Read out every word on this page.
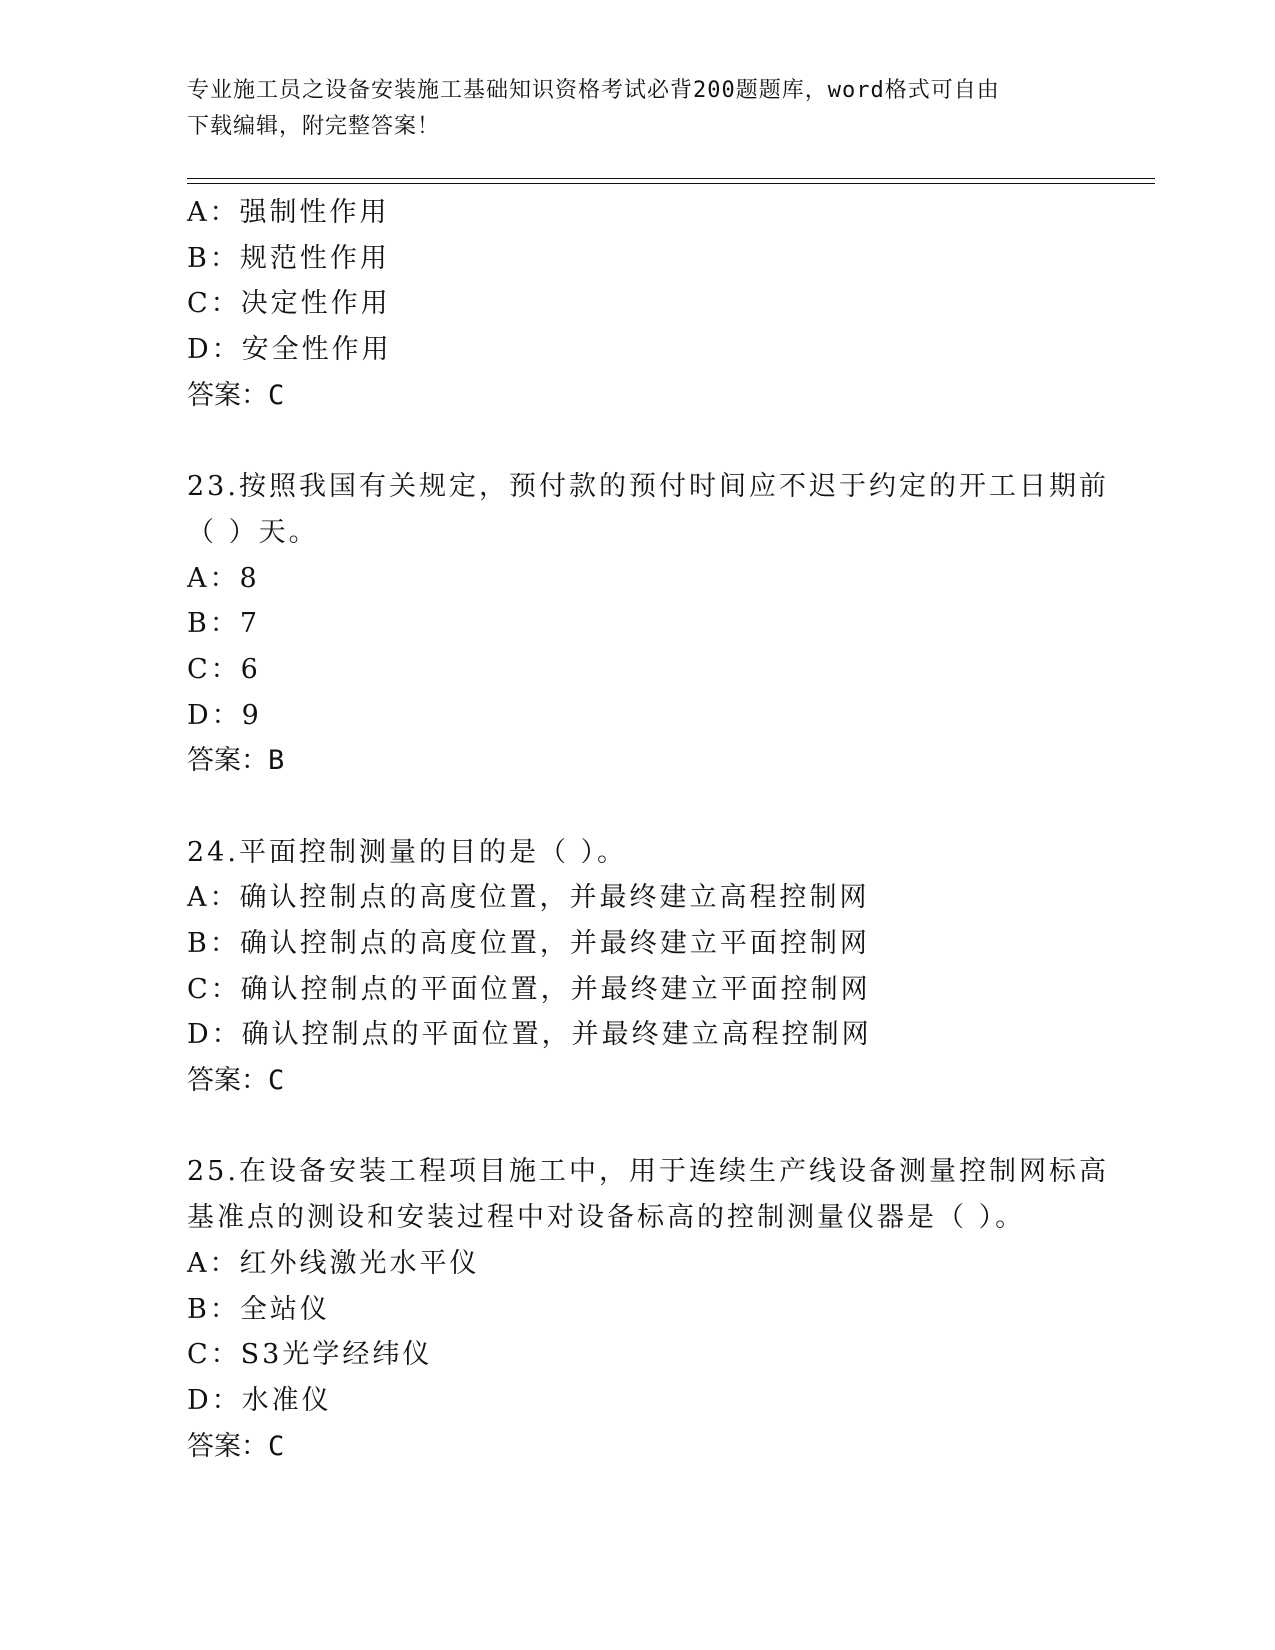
专业施工员之设备安装施工基础知识资格考试必背200题题库，word格式可自由
下载编辑，附完整答案！
A：强制性作用
B：规范性作用
C：决定性作用
D：安全性作用
答案：C
23.按照我国有关规定，预付款的预付时间应不迟于约定的开工日期前
（ ）天。
A：8
B：7
C：6
D：9
答案：B
24.平面控制测量的目的是（ ）。
A：确认控制点的高度位置，并最终建立高程控制网
B：确认控制点的高度位置，并最终建立平面控制网
C：确认控制点的平面位置，并最终建立平面控制网
D：确认控制点的平面位置，并最终建立高程控制网
答案：C
25.在设备安装工程项目施工中，用于连续生产线设备测量控制网标高
基准点的测设和安装过程中对设备标高的控制测量仪器是（ ）。
A：红外线激光水平仪
B：全站仪
C：S3光学经纬仪
D：水准仪
答案：C
